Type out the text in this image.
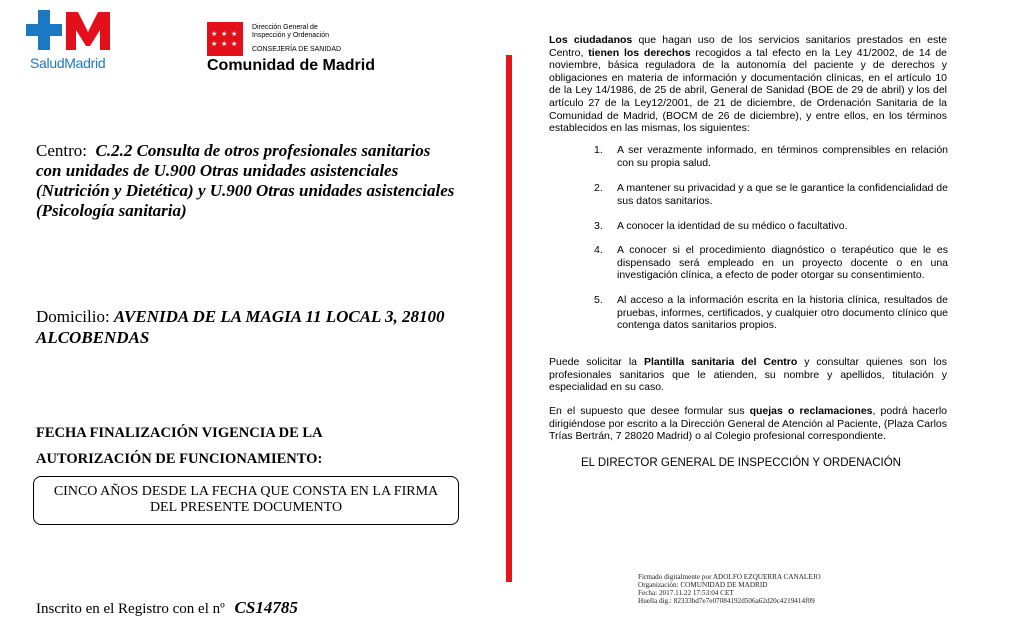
SaludMadrid
★ ★ ★
★ ★ ★
Dirección General de
Inspección y Ordenación
CONSEJERÍA DE SANIDAD
Comunidad de Madrid
Centro: C.2.2 Consulta de otros profesionales sanitarios con unidades de U.900 Otras unidades asistenciales (Nutrición y Dietética) y U.900 Otras unidades asistenciales (Psicología sanitaria)
Domicilio: AVENIDA DE LA MAGIA 11 LOCAL 3, 28100 ALCOBENDAS
FECHA FINALIZACIÓN VIGENCIA DE LA
AUTORIZACIÓN DE FUNCIONAMIENTO:
CINCO AÑOS DESDE LA FECHA QUE CONSTA EN LA FIRMA
DEL PRESENTE DOCUMENTO
Inscrito en el Registro con el nº CS14785
Los ciudadanos que hagan uso de los servicios sanitarios prestados en este Centro, tienen los derechos recogidos a tal efecto en la Ley 41/2002, de 14 de noviembre, básica reguladora de la autonomía del paciente y de derechos y obligaciones en materia de información y documentación clínicas, en el artículo 10 de la Ley 14/1986, de 25 de abril, General de Sanidad (BOE de 29 de abril) y los del artículo 27 de la Ley12/2001, de 21 de diciembre, de Ordenación Sanitaria de la Comunidad de Madrid, (BOCM de 26 de diciembre), y entre ellos, en los términos establecidos en las mismas, los siguientes:
1. A ser verazmente informado, en términos comprensibles en relación con su propia salud.
2. A mantener su privacidad y a que se le garantice la confidencialidad de sus datos sanitarios.
3. A conocer la identidad de su médico o facultativo.
4. A conocer si el procedimiento diagnóstico o terapéutico que le es dispensado será empleado en un proyecto docente o en una investigación clínica, a efecto de poder otorgar su consentimiento.
5. Al acceso a la información escrita en la historia clínica, resultados de pruebas, informes, certificados, y cualquier otro documento clínico que contenga datos sanitarios propios.
Puede solicitar la Plantilla sanitaria del Centro y consultar quienes son los profesionales sanitarios que le atienden, su nombre y apellidos, titulación y especialidad en su caso.
En el supuesto que desee formular sus quejas o reclamaciones, podrá hacerlo dirigiéndose por escrito a la Dirección General de Atención al Paciente, (Plaza Carlos Trías Bertrán, 7 28020 Madrid) o al Colegio profesional correspondiente.
EL DIRECTOR GENERAL DE INSPECCIÓN Y ORDENACIÓN
Firmado digitalmente por ADOLFO EZQUERRA CANALEJO
Organización: COMUNIDAD DE MADRID
Fecha: 2017.11.22 17:53:04 CET
Huella dig.: 82333bd7e7e07084192d506a62d20c4219414f09
